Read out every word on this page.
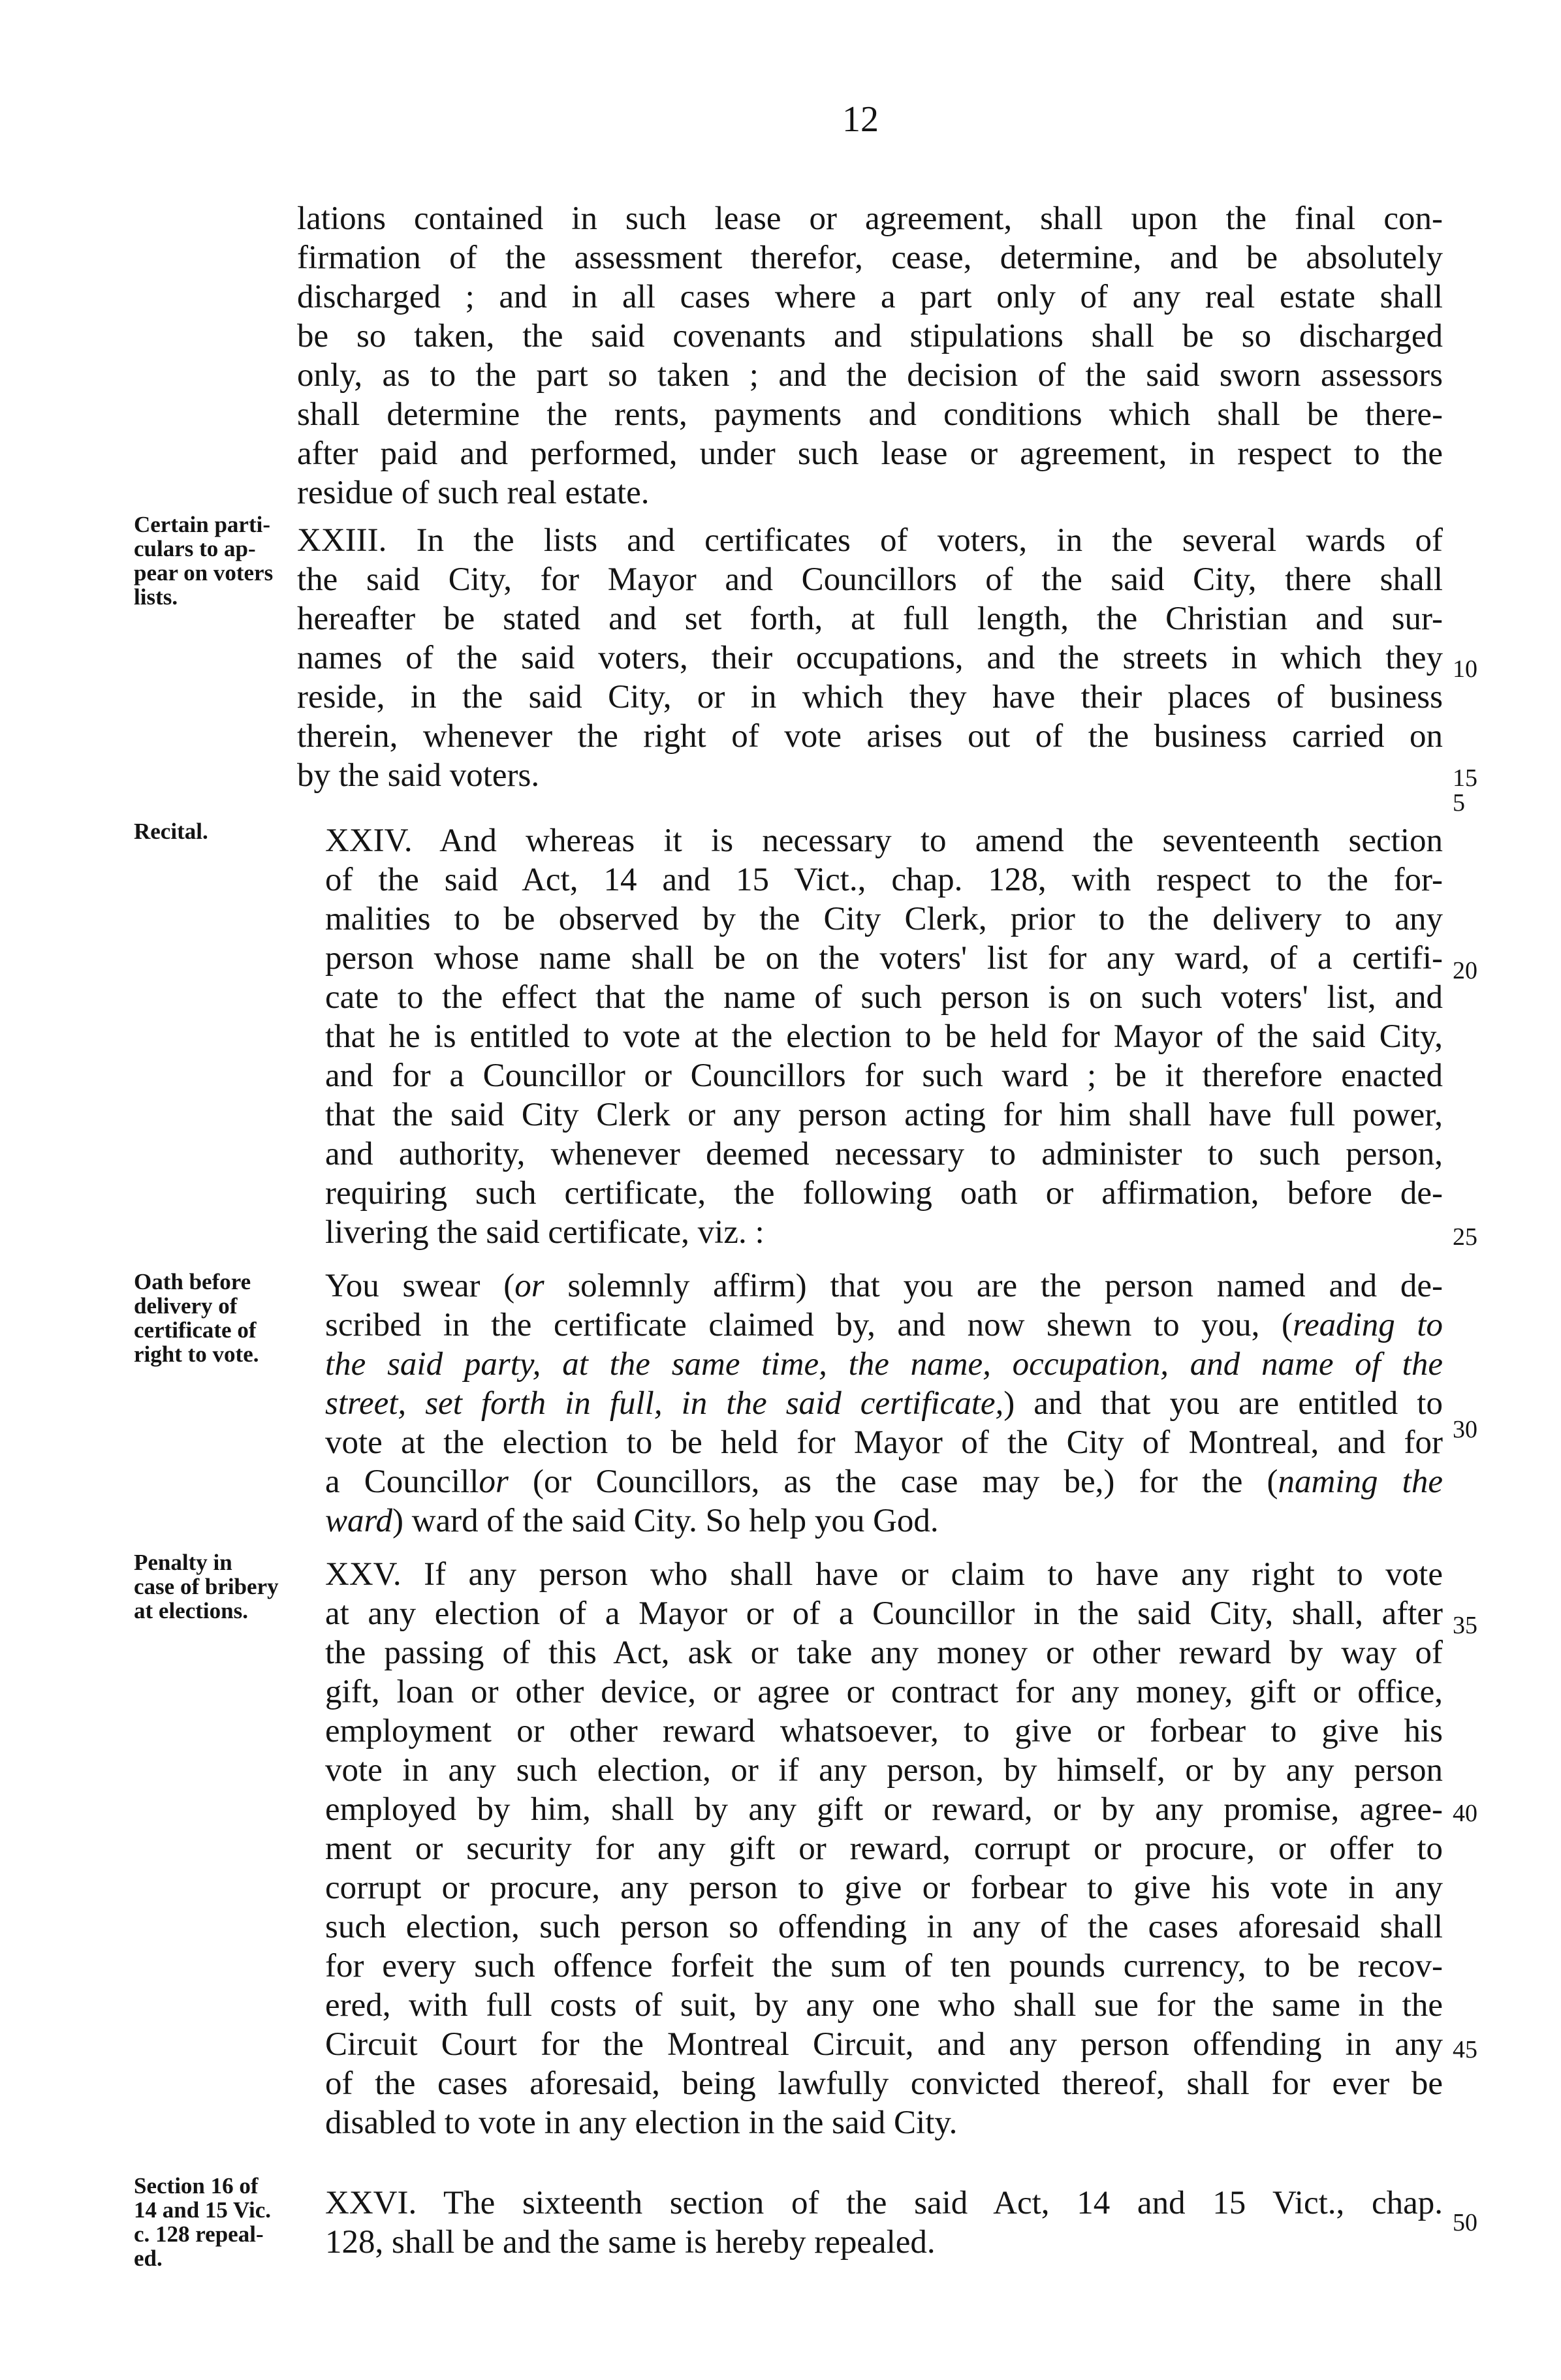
12
lations contained in such lease or agreement, shall upon the final con-
firmation of the assessment therefor, cease, determine, and be absolutely
discharged ; and in all cases where a part only of any real estate shall
be so taken, the said covenants and stipulations shall be so discharged
only, as to the part so taken ; and the decision of the said sworn assessors
shall determine the rents, payments and conditions which shall be there-
after paid and performed, under such lease or agreement, in respect to the
residue of such real estate.
XXIII. In the lists and certificates of voters, in the several wards of
the said City, for Mayor and Councillors of the said City, there shall
hereafter be stated and set forth, at full length, the Christian and sur-
names of the said voters, their occupations, and the streets in which they
reside, in the said City, or in which they have their places of business
therein, whenever the right of vote arises out of the business carried on
by the said voters.
XXIV. And whereas it is necessary to amend the seventeenth section
of the said Act, 14 and 15 Vict., chap. 128, with respect to the for-
malities to be observed by the City Clerk, prior to the delivery to any
person whose name shall be on the voters' list for any ward, of a certifi-
cate to the effect that the name of such person is on such voters' list, and
that he is entitled to vote at the election to be held for Mayor of the said City,
and for a Councillor or Councillors for such ward ; be it therefore enacted
that the said City Clerk or any person acting for him shall have full power,
and authority, whenever deemed necessary to administer to such person,
requiring such certificate, the following oath or affirmation, before de-
livering the said certificate, viz. :
You swear (or solemnly affirm) that you are the person named and de-
scribed in the certificate claimed by, and now shewn to you, (reading to
the said party, at the same time, the name, occupation, and name of the
street, set forth in full, in the said certificate,) and that you are entitled to
vote at the election to be held for Mayor of the City of Montreal, and for
a Councillor (or Councillors, as the case may be,) for the (naming the
ward) ward of the said City. So help you God.
XXV. If any person who shall have or claim to have any right to vote
at any election of a Mayor or of a Councillor in the said City, shall, after
the passing of this Act, ask or take any money or other reward by way of
gift, loan or other device, or agree or contract for any money, gift or office,
employment or other reward whatsoever, to give or forbear to give his
vote in any such election, or if any person, by himself, or by any person
employed by him, shall by any gift or reward, or by any promise, agree-
ment or security for any gift or reward, corrupt or procure, or offer to
corrupt or procure, any person to give or forbear to give his vote in any
such election, such person so offending in any of the cases aforesaid shall
for every such offence forfeit the sum of ten pounds currency, to be recov-
ered, with full costs of suit, by any one who shall sue for the same in the
Circuit Court for the Montreal Circuit, and any person offending in any
of the cases aforesaid, being lawfully convicted thereof, shall for ever be
disabled to vote in any election in the said City.
XXVI. The sixteenth section of the said Act, 14 and 15 Vict., chap.
128, shall be and the same is hereby repealed.
Certain parti-
culars to ap-
pear on voters
lists.
Recital.
Oath before
delivery of
certificate of
right to vote.
Penalty in
case of bribery
at elections.
Section 16 of
14 and 15 Vic.
c. 128 repeal-
ed.
5
10
15
20
25
30
35
40
45
50
